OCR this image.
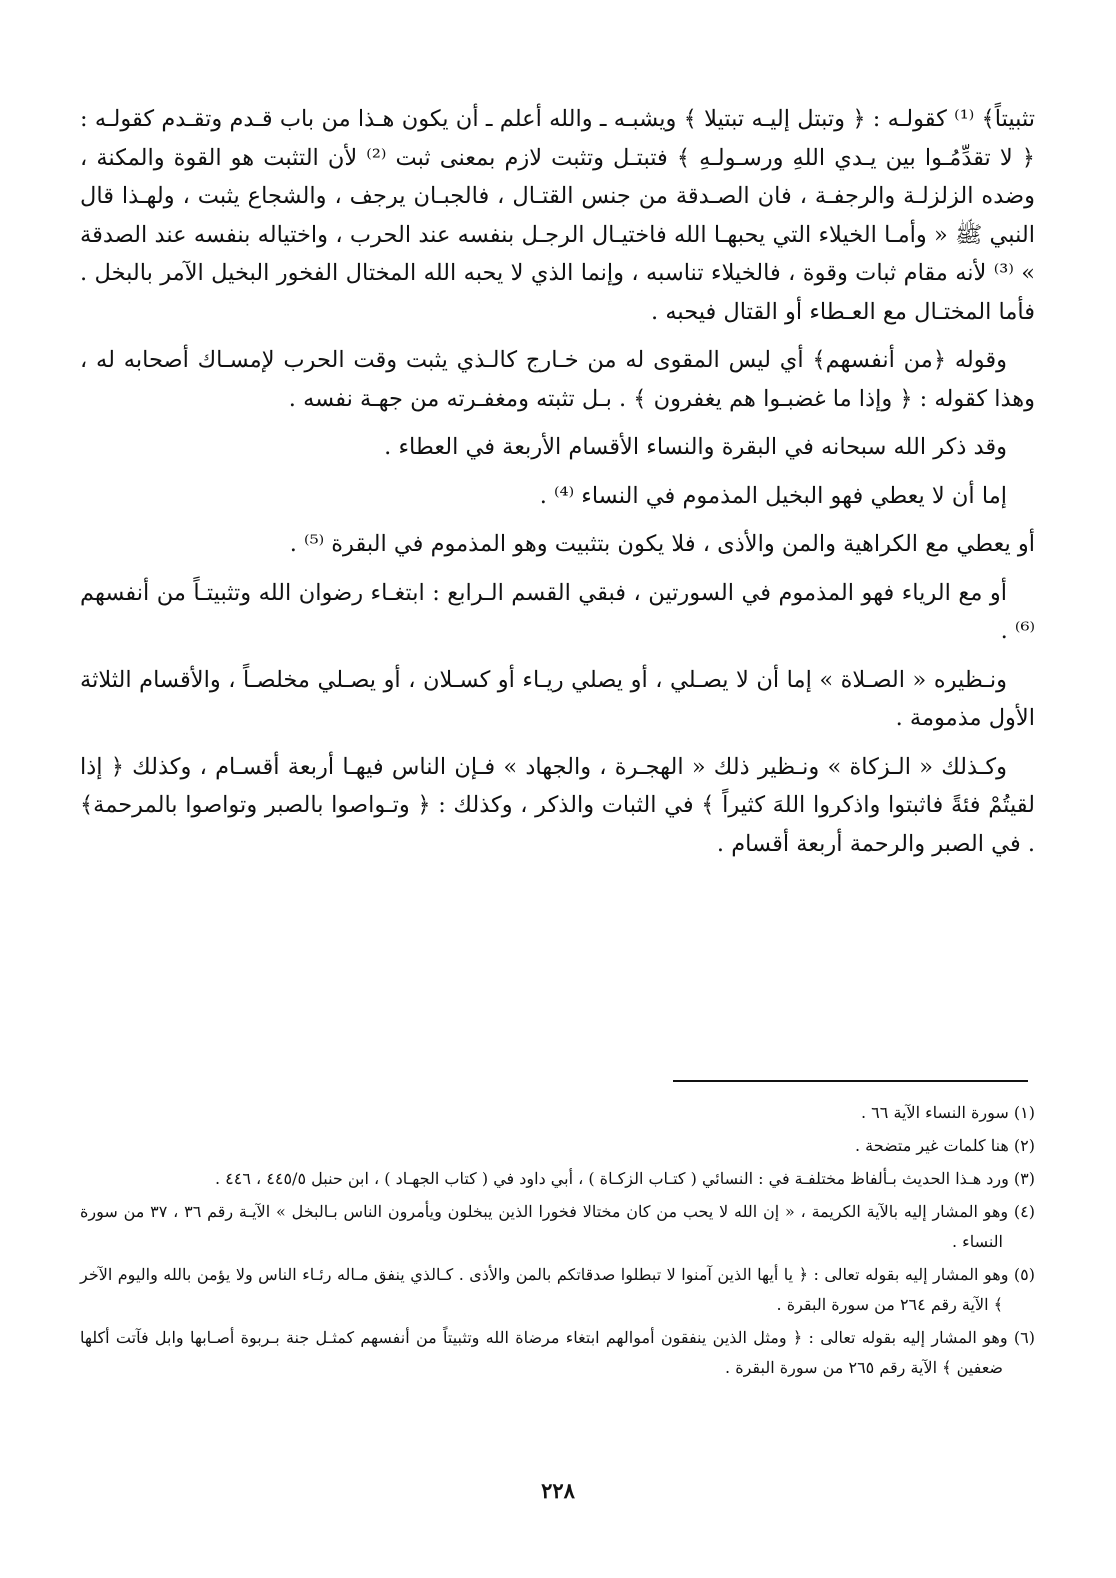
تثبيتاً﴾ ⁽¹⁾ كقولـه : ﴿ وتبتل إليـه تبتيلا ﴾ ويشبـه ـ والله أعلم ـ أن يكون هـذا من باب قـدم وتقـدم كقولـه : ﴿ لا تقدِّمُـوا بين يـدي اللهِ ورسـولـهِ ﴾ فتبتـل وتثبت لازم بمعنى ثبت ⁽²⁾ لأن التثبت هو القوة والمكنة ، وضده الزلزلـة والرجفـة ، فان الصـدقة من جنس القتـال ، فالجبـان يرجف ، والشجاع يثبت ، ولهـذا قال النبي ﷺ « وأمـا الخيلاء التي يحبهـا الله فاختيـال الرجـل بنفسه عند الحرب ، واختياله بنفسه عند الصدقة » ⁽³⁾ لأنه مقام ثبات وقوة ، فالخيلاء تناسبه ، وإنما الذي لا يحبه الله المختال الفخور البخيل الآمر بالبخل . فأما المختـال مع العـطاء أو القتال فيحبه .

وقوله ﴿من أنفسهم﴾ أي ليس المقوى له من خـارج كالـذي يثبت وقت الحرب لإمسـاك أصحابه له ، وهذا كقوله : ﴿ وإذا ما غضبـوا هم يغفرون ﴾ . بـل تثبته ومغفـرته من جهـة نفسه .

وقد ذكر الله سبحانه في البقرة والنساء الأقسام الأربعة في العطاء .

إما أن لا يعطي فهو البخيل المذموم في النساء ⁽⁴⁾ .

أو يعطي مع الكراهية والمن والأذى ، فلا يكون بتثبيت وهو المذموم في البقرة ⁽⁵⁾ .

أو مع الرياء فهو المذموم في السورتين ، فبقي القسم الـرابع : ابتغـاء رضوان الله وتثبيتـاً من أنفسهم ⁽⁶⁾ .

ونـظيره « الصـلاة » إما أن لا يصـلي ، أو يصلي ريـاء أو كسـلان ، أو يصـلي مخلصـاً ، والأقسام الثلاثة الأول مذمومة .

وكـذلك « الـزكاة » ونـظير ذلك « الهجـرة ، والجهاد » فـإن الناس فيهـا أربعة أقسـام ، وكذلك ﴿ إذا لقيتُمْ فئةً فاثبتوا واذكروا اللهَ كثيراً ﴾ في الثبات والذكر ، وكذلك : ﴿ وتـواصوا بالصبر وتواصوا بالمرحمة﴾ . في الصبر والرحمة أربعة أقسام .

(١) سورة النساء الآية ٦٦ .

(٢) هنا كلمات غير متضحة .

(٣) ورد هـذا الحديث بـألفاظ مختلفـة في : النسائي ( كتـاب الزكـاة ) ، أبي داود في ( كتاب الجهـاد ) ، ابن حنبل ٤٤٥/٥ ، ٤٤٦ .

(٤) وهو المشار إليه بالآية الكريمة ، « إن الله لا يحب من كان مختالا فخورا الذين يبخلون ويأمرون الناس بـالبخل » الآيـة رقم ٣٦ ، ٣٧ من سورة النساء .

(٥) وهو المشار إليه بقوله تعالى : ﴿ يا أيها الذين آمنوا لا تبطلوا صدقاتكم بالمن والأذى . كـالذي ينفق مـاله رئـاء الناس ولا يؤمن بالله واليوم الآخر ﴾ الآية رقم ٢٦٤ من سورة البقرة .

(٦) وهو المشار إليه بقوله تعالى : ﴿ ومثل الذين ينفقون أموالهم ابتغاء مرضاة الله وتثبيتاً من أنفسهم كمثـل جنة بـربوة أصـابها وابل فآتت أكلها ضعفين ﴾ الآية رقم ٢٦٥ من سورة البقرة .

٢٢٨
